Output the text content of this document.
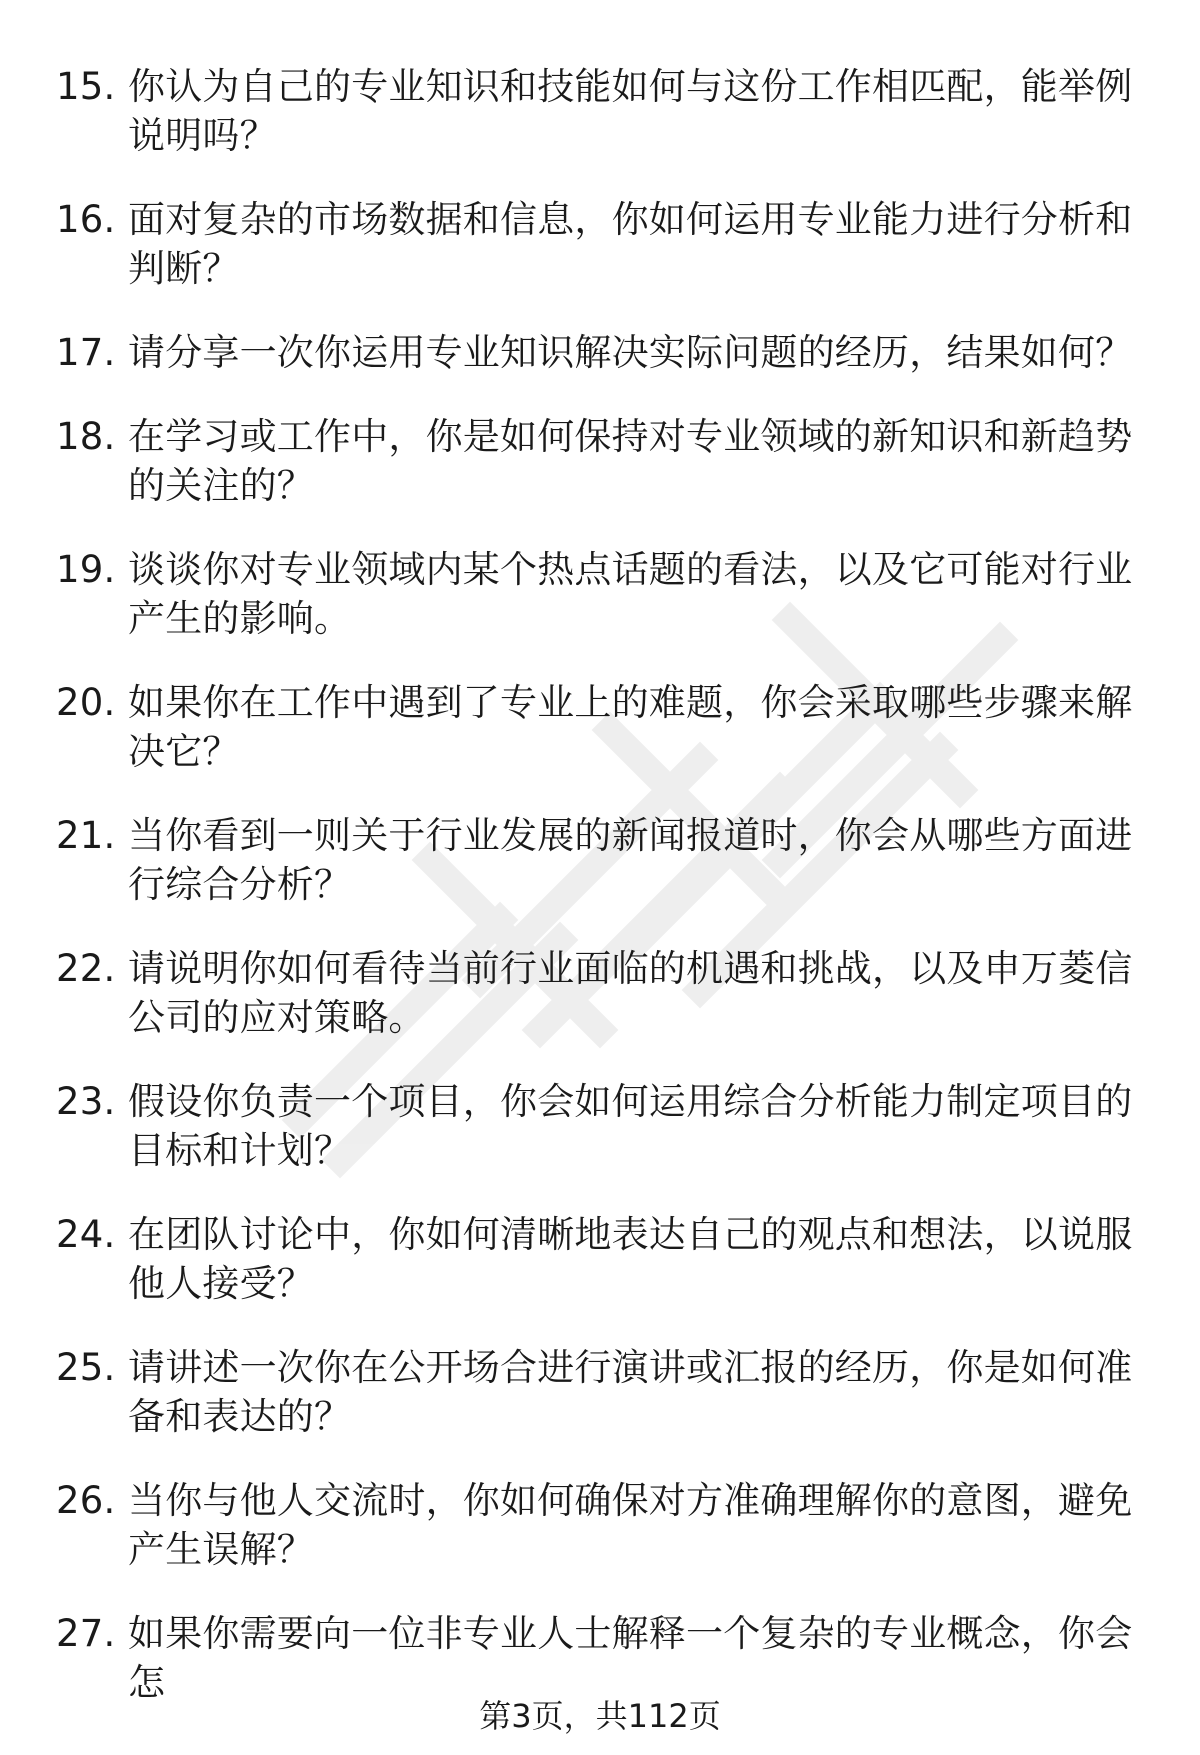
15. 你认为自己的专业知识和技能如何与这份工作相匹配，能举例说明吗？
16. 面对复杂的市场数据和信息，你如何运用专业能力进行分析和判断？
17. 请分享一次你运用专业知识解决实际问题的经历，结果如何？
18. 在学习或工作中，你是如何保持对专业领域的新知识和新趋势的关注的？
19. 谈谈你对专业领域内某个热点话题的看法，以及它可能对行业产生的影响。
20. 如果你在工作中遇到了专业上的难题，你会采取哪些步骤来解决它？
21. 当你看到一则关于行业发展的新闻报道时，你会从哪些方面进行综合分析？
22. 请说明你如何看待当前行业面临的机遇和挑战，以及申万菱信公司的应对策略。
23. 假设你负责一个项目，你会如何运用综合分析能力制定项目的目标和计划？
24. 在团队讨论中，你如何清晰地表达自己的观点和想法，以说服他人接受？
25. 请讲述一次你在公开场合进行演讲或汇报的经历，你是如何准备和表达的？
26. 当你与他人交流时，你如何确保对方准确理解你的意图，避免产生误解？
27. 如果你需要向一位非专业人士解释一个复杂的专业概念，你会怎
第3页，共112页
